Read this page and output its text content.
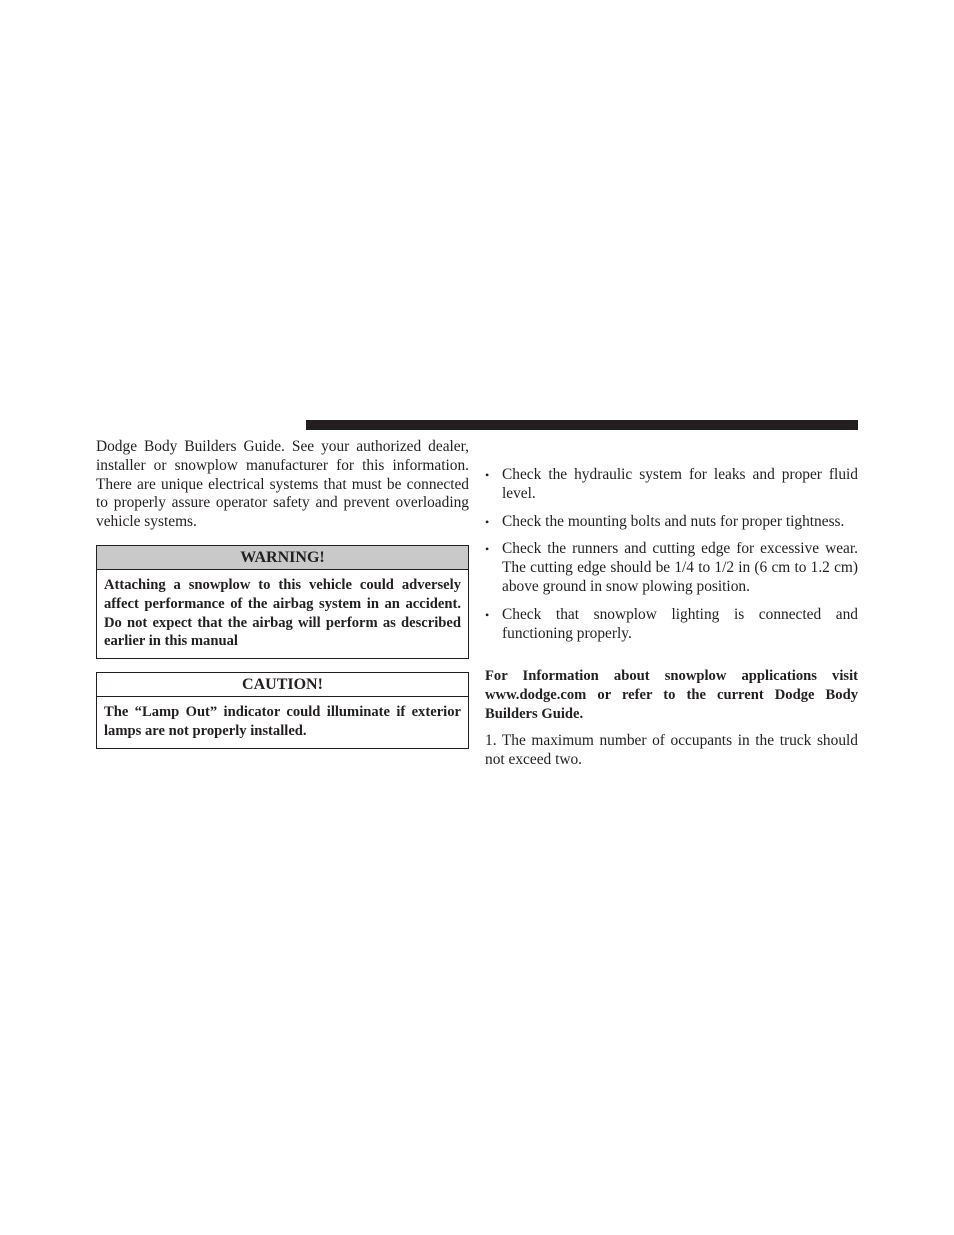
Dodge Body Builders Guide. See your authorized dealer, installer or snowplow manufacturer for this information. There are unique electrical systems that must be connected to properly assure operator safety and prevent overloading vehicle systems.

WARNING!
Attaching a snowplow to this vehicle could adversely affect performance of the airbag system in an accident. Do not expect that the airbag will perform as described earlier in this manual
CAUTION!
The “Lamp Out” indicator could illuminate if exterior lamps are not properly installed.
• Check the hydraulic system for leaks and proper fluid level.
• Check the mounting bolts and nuts for proper tightness.
• Check the runners and cutting edge for excessive wear. The cutting edge should be 1/4 to 1/2 in (6 cm to 1.2 cm) above ground in snow plowing position.
• Check that snowplow lighting is connected and functioning properly.

For Information about snowplow applications visit www.dodge.com or refer to the current Dodge Body Builders Guide.

1. The maximum number of occupants in the truck should not exceed two.
